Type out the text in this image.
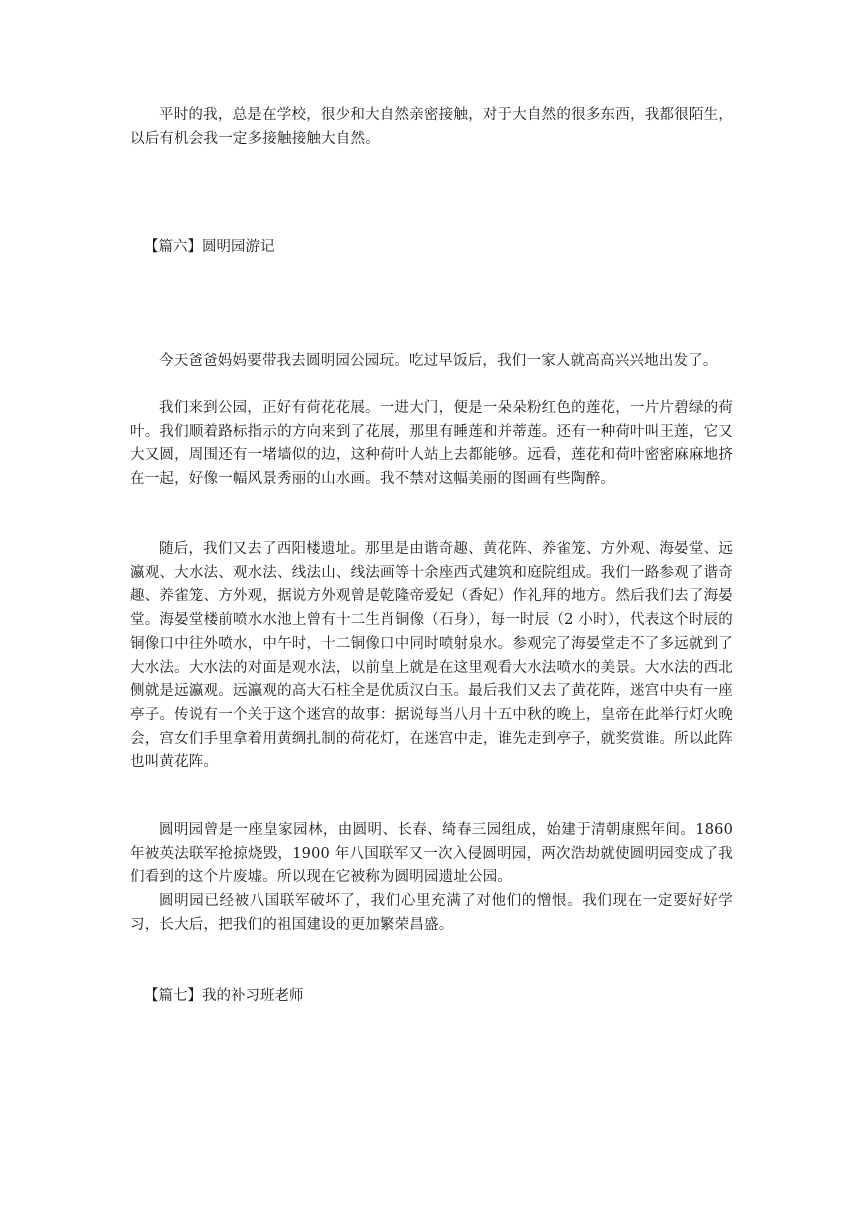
平时的我，总是在学校，很少和大自然亲密接触，对于大自然的很多东西，我都很陌生，以后有机会我一定多接触接触大自然。

【篇六】圆明园游记

今天爸爸妈妈要带我去圆明园公园玩。吃过早饭后，我们一家人就高高兴兴地出发了。

我们来到公园，正好有荷花花展。一进大门，便是一朵朵粉红色的莲花，一片片碧绿的荷叶。我们顺着路标指示的方向来到了花展，那里有睡莲和并蒂莲。还有一种荷叶叫王莲，它又大又圆，周围还有一堵墙似的边，这种荷叶人站上去都能够。远看，莲花和荷叶密密麻麻地挤在一起，好像一幅风景秀丽的山水画。我不禁对这幅美丽的图画有些陶醉。

随后，我们又去了西阳楼遗址。那里是由谐奇趣、黄花阵、养雀笼、方外观、海晏堂、远瀛观、大水法、观水法、线法山、线法画等十余座西式建筑和庭院组成。我们一路参观了谐奇趣、养雀笼、方外观，据说方外观曾是乾隆帝爱妃（香妃）作礼拜的地方。然后我们去了海晏堂。海晏堂楼前喷水水池上曾有十二生肖铜像（石身），每一时辰（2 小时），代表这个时辰的铜像口中往外喷水，中午时，十二铜像口中同时喷射泉水。参观完了海晏堂走不了多远就到了大水法。大水法的对面是观水法，以前皇上就是在这里观看大水法喷水的美景。大水法的西北侧就是远瀛观。远瀛观的高大石柱全是优质汉白玉。最后我们又去了黄花阵，迷宫中央有一座亭子。传说有一个关于这个迷宫的故事：据说每当八月十五中秋的晚上，皇帝在此举行灯火晚会，宫女们手里拿着用黄绸扎制的荷花灯，在迷宫中走，谁先走到亭子，就奖赏谁。所以此阵也叫黄花阵。

圆明园曾是一座皇家园林，由圆明、长春、绮春三园组成，始建于清朝康熙年间。1860 年被英法联军抢掠烧毁，1900 年八国联军又一次入侵圆明园，两次浩劫就使圆明园变成了我们看到的这个片废墟。所以现在它被称为圆明园遗址公园。

圆明园已经被八国联军破坏了，我们心里充满了对他们的憎恨。我们现在一定要好好学习，长大后，把我们的祖国建设的更加繁荣昌盛。

【篇七】我的补习班老师
